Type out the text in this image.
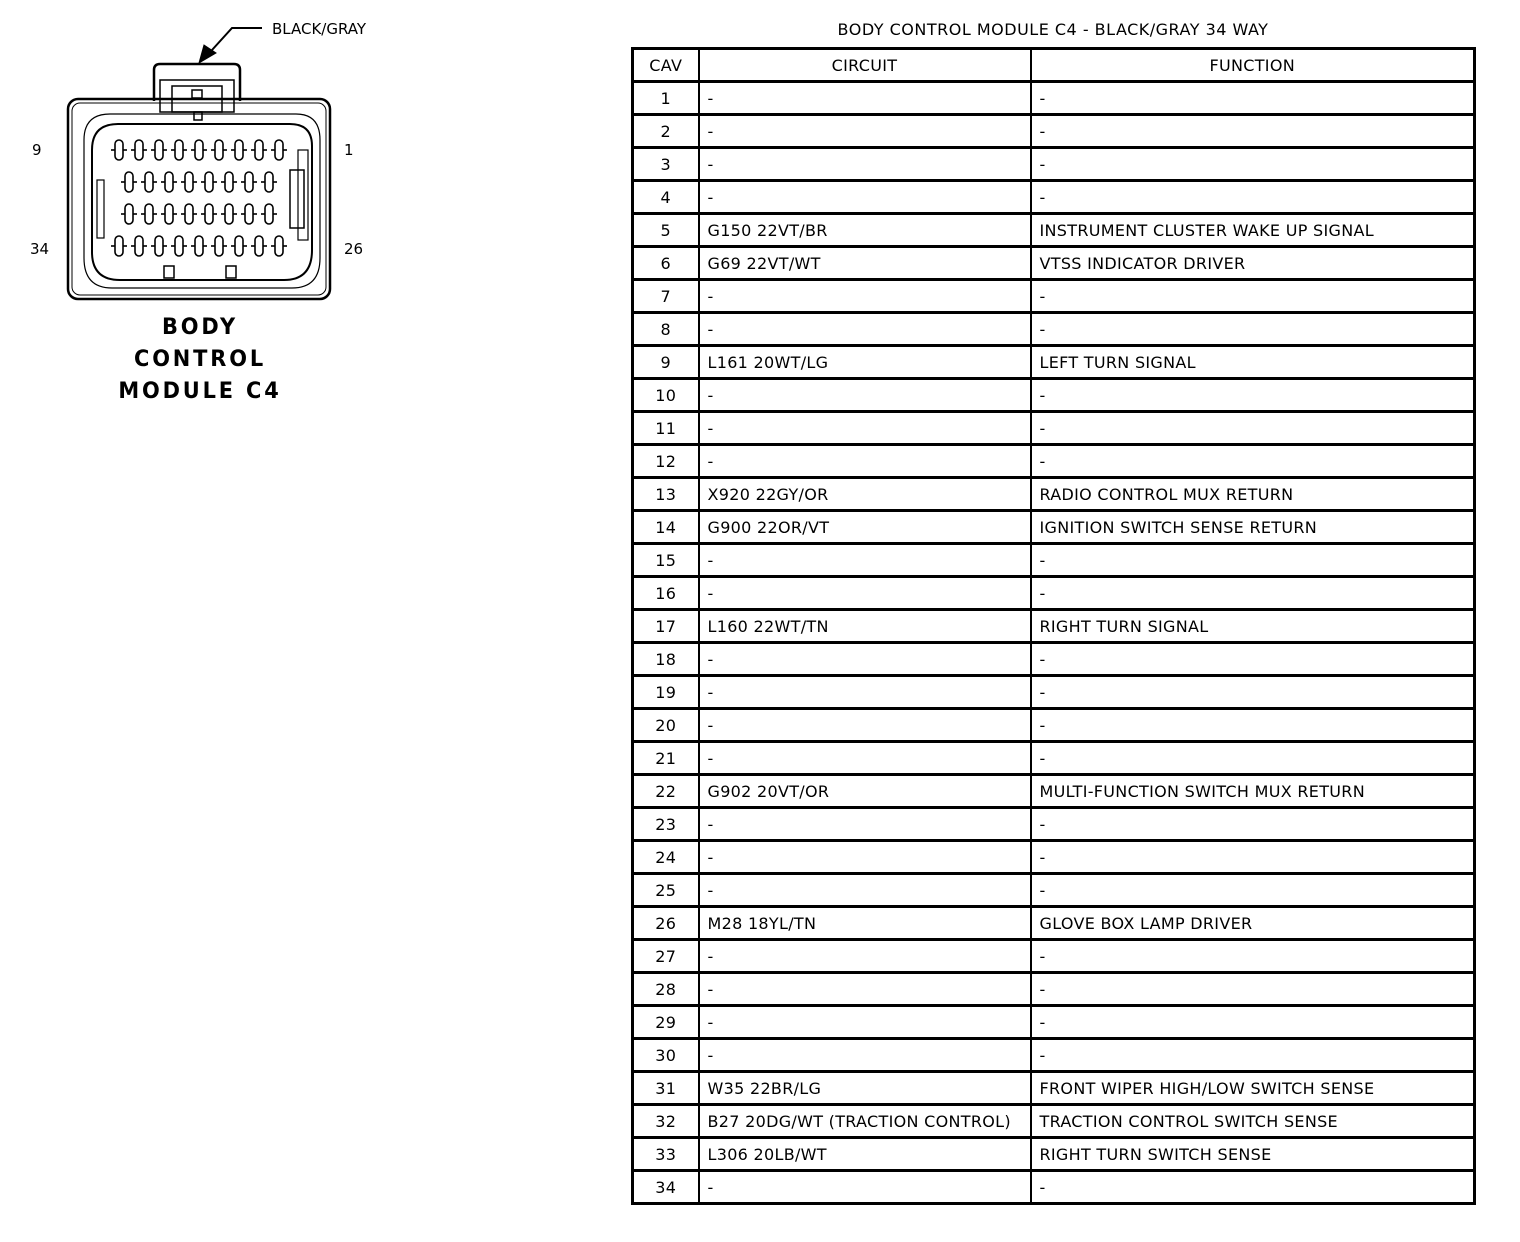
BLACK/GRAY
9	1
34	26
BODY
CONTROL
MODULE C4
BODY CONTROL MODULE C4 - BLACK/GRAY 34 WAY
CAV	CIRCUIT	FUNCTION
1	-	-
2	-	-
3	-	-
4	-	-
5	G150 22VT/BR	INSTRUMENT CLUSTER WAKE UP SIGNAL
6	G69 22VT/WT	VTSS INDICATOR DRIVER
7	-	-
8	-	-
9	L161 20WT/LG	LEFT TURN SIGNAL
10	-	-
11	-	-
12	-	-
13	X920 22GY/OR	RADIO CONTROL MUX RETURN
14	G900 22OR/VT	IGNITION SWITCH SENSE RETURN
15	-	-
16	-	-
17	L160 22WT/TN	RIGHT TURN SIGNAL
18	-	-
19	-	-
20	-	-
21	-	-
22	G902 20VT/OR	MULTI-FUNCTION SWITCH MUX RETURN
23	-	-
24	-	-
25	-	-
26	M28 18YL/TN	GLOVE BOX LAMP DRIVER
27	-	-
28	-	-
29	-	-
30	-	-
31	W35 22BR/LG	FRONT WIPER HIGH/LOW SWITCH SENSE
32	B27 20DG/WT (TRACTION CONTROL)	TRACTION CONTROL SWITCH SENSE
33	L306 20LB/WT	RIGHT TURN SWITCH SENSE
34	-	-
